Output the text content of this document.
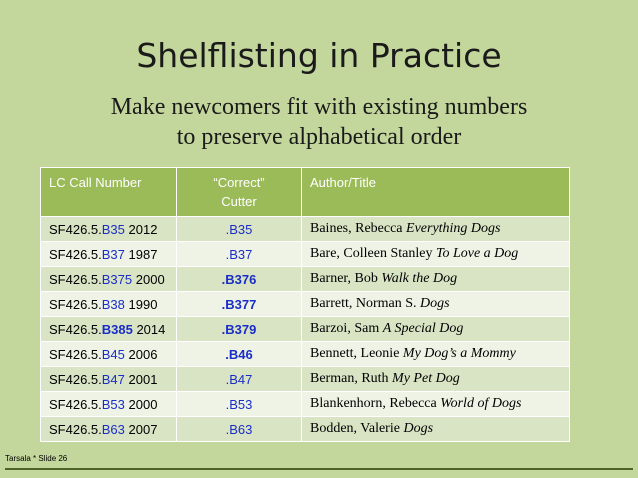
Shelflisting in Practice
Make newcomers fit with existing numbers
to preserve alphabetical order
LC Call Number	“Correct” Cutter	Author/Title
SF426.5.B35 2012	.B35	Baines, Rebecca Everything Dogs
SF426.5.B37 1987	.B37	Bare, Colleen Stanley To Love a Dog
SF426.5.B375 2000	.B376	Barner, Bob Walk the Dog
SF426.5.B38 1990	.B377	Barrett, Norman S. Dogs
SF426.5.B385 2014	.B379	Barzoi, Sam A Special Dog
SF426.5.B45 2006	.B46	Bennett, Leonie My Dog’s a Mommy
SF426.5.B47 2001	.B47	Berman, Ruth My Pet Dog
SF426.5.B53 2000	.B53	Blankenhorn, Rebecca World of Dogs
SF426.5.B63 2007	.B63	Bodden, Valerie Dogs
Tarsala * Slide 26
